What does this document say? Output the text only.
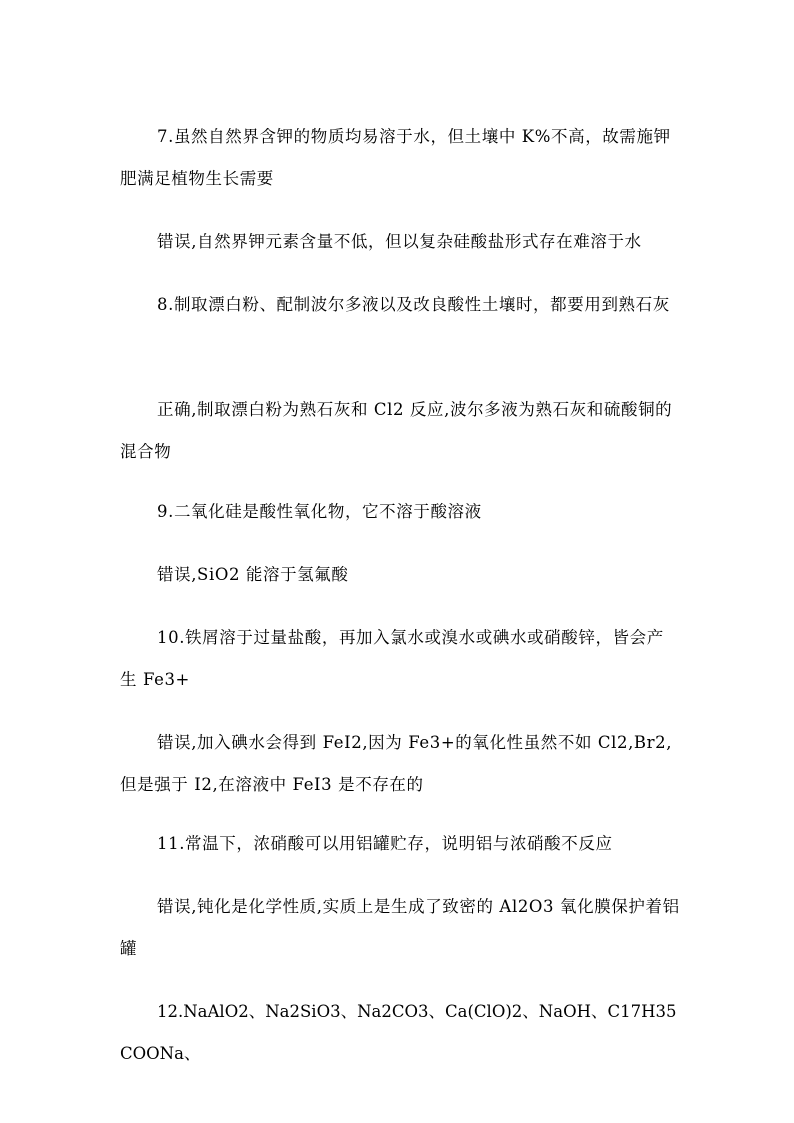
7.虽然自然界含钾的物质均易溶于水，但土壤中 K%不高，故需施钾肥满足植物生长需要

错误,自然界钾元素含量不低，但以复杂硅酸盐形式存在难溶于水

8.制取漂白粉、配制波尔多液以及改良酸性土壤时，都要用到熟石灰

正确,制取漂白粉为熟石灰和 Cl2 反应,波尔多液为熟石灰和硫酸铜的混合物

9.二氧化硅是酸性氧化物，它不溶于酸溶液

错误,SiO2 能溶于氢氟酸

10.铁屑溶于过量盐酸，再加入氯水或溴水或碘水或硝酸锌，皆会产生 Fe3+

错误,加入碘水会得到 FeI2,因为 Fe3+的氧化性虽然不如 Cl2,Br2,但是强于 I2,在溶液中 FeI3 是不存在的

11.常温下，浓硝酸可以用铝罐贮存，说明铝与浓硝酸不反应

错误,钝化是化学性质,实质上是生成了致密的 Al2O3 氧化膜保护着铝罐

12.NaAlO2、Na2SiO3、Na2CO3、Ca(ClO)2、NaOH、C17H35COONa、
